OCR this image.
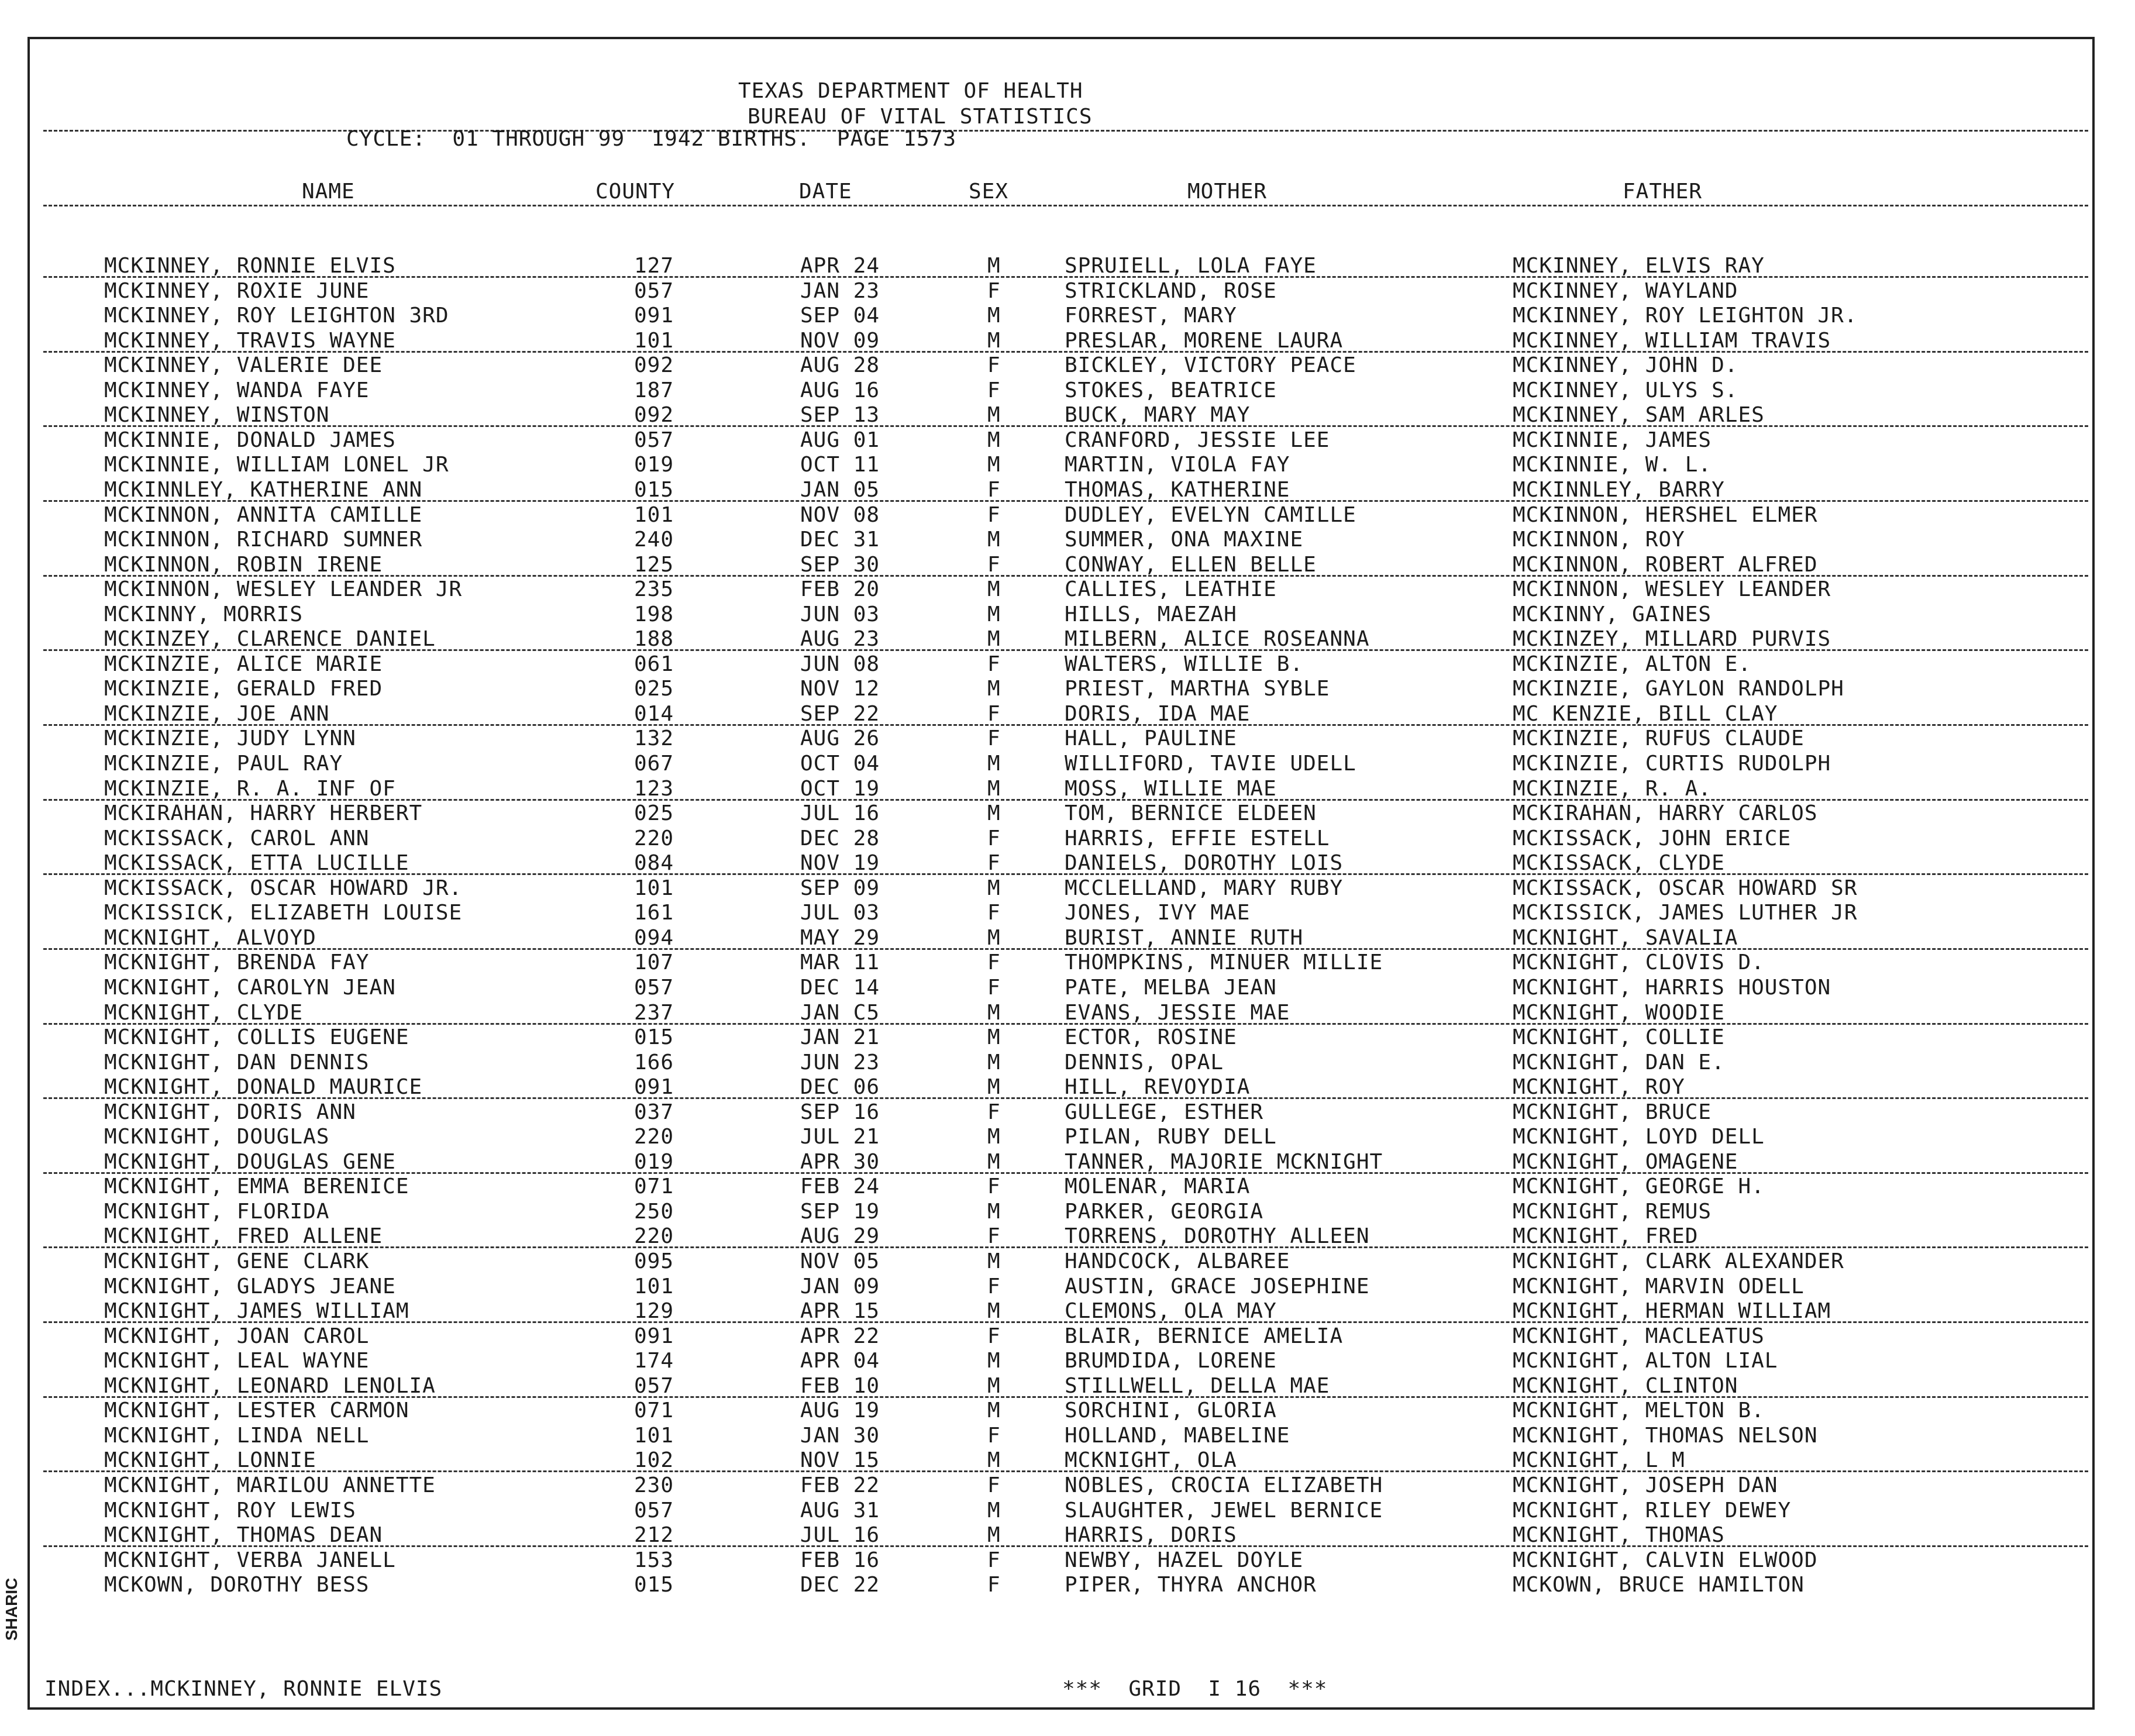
TEXAS DEPARTMENT OF HEALTH
BUREAU OF VITAL STATISTICS
CYCLE:  01 THROUGH 99  1942 BIRTHS.  PAGE 1573
NAME	COUNTY	DATE	SEX	MOTHER	FATHER
MCKINNEY, RONNIE ELVIS	127	APR 24	M	SPRUIELL, LOLA FAYE	MCKINNEY, ELVIS RAY
MCKINNEY, ROXIE JUNE	057	JAN 23	F	STRICKLAND, ROSE	MCKINNEY, WAYLAND
MCKINNEY, ROY LEIGHTON 3RD	091	SEP 04	M	FORREST, MARY	MCKINNEY, ROY LEIGHTON JR.
MCKINNEY, TRAVIS WAYNE	101	NOV 09	M	PRESLAR, MORENE LAURA	MCKINNEY, WILLIAM TRAVIS
MCKINNEY, VALERIE DEE	092	AUG 28	F	BICKLEY, VICTORY PEACE	MCKINNEY, JOHN D.
MCKINNEY, WANDA FAYE	187	AUG 16	F	STOKES, BEATRICE	MCKINNEY, ULYS S.
MCKINNEY, WINSTON	092	SEP 13	M	BUCK, MARY MAY	MCKINNEY, SAM ARLES
MCKINNIE, DONALD JAMES	057	AUG 01	M	CRANFORD, JESSIE LEE	MCKINNIE, JAMES
MCKINNIE, WILLIAM LONEL JR	019	OCT 11	M	MARTIN, VIOLA FAY	MCKINNIE, W. L.
MCKINNLEY, KATHERINE ANN	015	JAN 05	F	THOMAS, KATHERINE	MCKINNLEY, BARRY
MCKINNON, ANNITA CAMILLE	101	NOV 08	F	DUDLEY, EVELYN CAMILLE	MCKINNON, HERSHEL ELMER
MCKINNON, RICHARD SUMNER	240	DEC 31	M	SUMMER, ONA MAXINE	MCKINNON, ROY
MCKINNON, ROBIN IRENE	125	SEP 30	F	CONWAY, ELLEN BELLE	MCKINNON, ROBERT ALFRED
MCKINNON, WESLEY LEANDER JR	235	FEB 20	M	CALLIES, LEATHIE	MCKINNON, WESLEY LEANDER
MCKINNY, MORRIS	198	JUN 03	M	HILLS, MAEZAH	MCKINNY, GAINES
MCKINZEY, CLARENCE DANIEL	188	AUG 23	M	MILBERN, ALICE ROSEANNA	MCKINZEY, MILLARD PURVIS
MCKINZIE, ALICE MARIE	061	JUN 08	F	WALTERS, WILLIE B.	MCKINZIE, ALTON E.
MCKINZIE, GERALD FRED	025	NOV 12	M	PRIEST, MARTHA SYBLE	MCKINZIE, GAYLON RANDOLPH
MCKINZIE, JOE ANN	014	SEP 22	F	DORIS, IDA MAE	MC KENZIE, BILL CLAY
MCKINZIE, JUDY LYNN	132	AUG 26	F	HALL, PAULINE	MCKINZIE, RUFUS CLAUDE
MCKINZIE, PAUL RAY	067	OCT 04	M	WILLIFORD, TAVIE UDELL	MCKINZIE, CURTIS RUDOLPH
MCKINZIE, R. A. INF OF	123	OCT 19	M	MOSS, WILLIE MAE	MCKINZIE, R. A.
MCKIRAHAN, HARRY HERBERT	025	JUL 16	M	TOM, BERNICE ELDEEN	MCKIRAHAN, HARRY CARLOS
MCKISSACK, CAROL ANN	220	DEC 28	F	HARRIS, EFFIE ESTELL	MCKISSACK, JOHN ERICE
MCKISSACK, ETTA LUCILLE	084	NOV 19	F	DANIELS, DOROTHY LOIS	MCKISSACK, CLYDE
MCKISSACK, OSCAR HOWARD JR.	101	SEP 09	M	MCCLELLAND, MARY RUBY	MCKISSACK, OSCAR HOWARD SR
MCKISSICK, ELIZABETH LOUISE	161	JUL 03	F	JONES, IVY MAE	MCKISSICK, JAMES LUTHER JR
MCKNIGHT, ALVOYD	094	MAY 29	M	BURIST, ANNIE RUTH	MCKNIGHT, SAVALIA
MCKNIGHT, BRENDA FAY	107	MAR 11	F	THOMPKINS, MINUER MILLIE	MCKNIGHT, CLOVIS D.
MCKNIGHT, CAROLYN JEAN	057	DEC 14	F	PATE, MELBA JEAN	MCKNIGHT, HARRIS HOUSTON
MCKNIGHT, CLYDE	237	JAN C5	M	EVANS, JESSIE MAE	MCKNIGHT, WOODIE
MCKNIGHT, COLLIS EUGENE	015	JAN 21	M	ECTOR, ROSINE	MCKNIGHT, COLLIE
MCKNIGHT, DAN DENNIS	166	JUN 23	M	DENNIS, OPAL	MCKNIGHT, DAN E.
MCKNIGHT, DONALD MAURICE	091	DEC 06	M	HILL, REVOYDIA	MCKNIGHT, ROY
MCKNIGHT, DORIS ANN	037	SEP 16	F	GULLEGE, ESTHER	MCKNIGHT, BRUCE
MCKNIGHT, DOUGLAS	220	JUL 21	M	PILAN, RUBY DELL	MCKNIGHT, LOYD DELL
MCKNIGHT, DOUGLAS GENE	019	APR 30	M	TANNER, MAJORIE MCKNIGHT	MCKNIGHT, OMAGENE
MCKNIGHT, EMMA BERENICE	071	FEB 24	F	MOLENAR, MARIA	MCKNIGHT, GEORGE H.
MCKNIGHT, FLORIDA	250	SEP 19	M	PARKER, GEORGIA	MCKNIGHT, REMUS
MCKNIGHT, FRED ALLENE	220	AUG 29	F	TORRENS, DOROTHY ALLEEN	MCKNIGHT, FRED
MCKNIGHT, GENE CLARK	095	NOV 05	M	HANDCOCK, ALBAREE	MCKNIGHT, CLARK ALEXANDER
MCKNIGHT, GLADYS JEANE	101	JAN 09	F	AUSTIN, GRACE JOSEPHINE	MCKNIGHT, MARVIN ODELL
MCKNIGHT, JAMES WILLIAM	129	APR 15	M	CLEMONS, OLA MAY	MCKNIGHT, HERMAN WILLIAM
MCKNIGHT, JOAN CAROL	091	APR 22	F	BLAIR, BERNICE AMELIA	MCKNIGHT, MACLEATUS
MCKNIGHT, LEAL WAYNE	174	APR 04	M	BRUMDIDA, LORENE	MCKNIGHT, ALTON LIAL
MCKNIGHT, LEONARD LENOLIA	057	FEB 10	M	STILLWELL, DELLA MAE	MCKNIGHT, CLINTON
MCKNIGHT, LESTER CARMON	071	AUG 19	M	SORCHINI, GLORIA	MCKNIGHT, MELTON B.
MCKNIGHT, LINDA NELL	101	JAN 30	F	HOLLAND, MABELINE	MCKNIGHT, THOMAS NELSON
MCKNIGHT, LONNIE	102	NOV 15	M	MCKNIGHT, OLA	MCKNIGHT, L M
MCKNIGHT, MARILOU ANNETTE	230	FEB 22	F	NOBLES, CROCIA ELIZABETH	MCKNIGHT, JOSEPH DAN
MCKNIGHT, ROY LEWIS	057	AUG 31	M	SLAUGHTER, JEWEL BERNICE	MCKNIGHT, RILEY DEWEY
MCKNIGHT, THOMAS DEAN	212	JUL 16	M	HARRIS, DORIS	MCKNIGHT, THOMAS
MCKNIGHT, VERBA JANELL	153	FEB 16	F	NEWBY, HAZEL DOYLE	MCKNIGHT, CALVIN ELWOOD
MCKOWN, DOROTHY BESS	015	DEC 22	F	PIPER, THYRA ANCHOR	MCKOWN, BRUCE HAMILTON
INDEX...MCKINNEY, RONNIE ELVIS	***  GRID  I 16  ***
SHARIC
